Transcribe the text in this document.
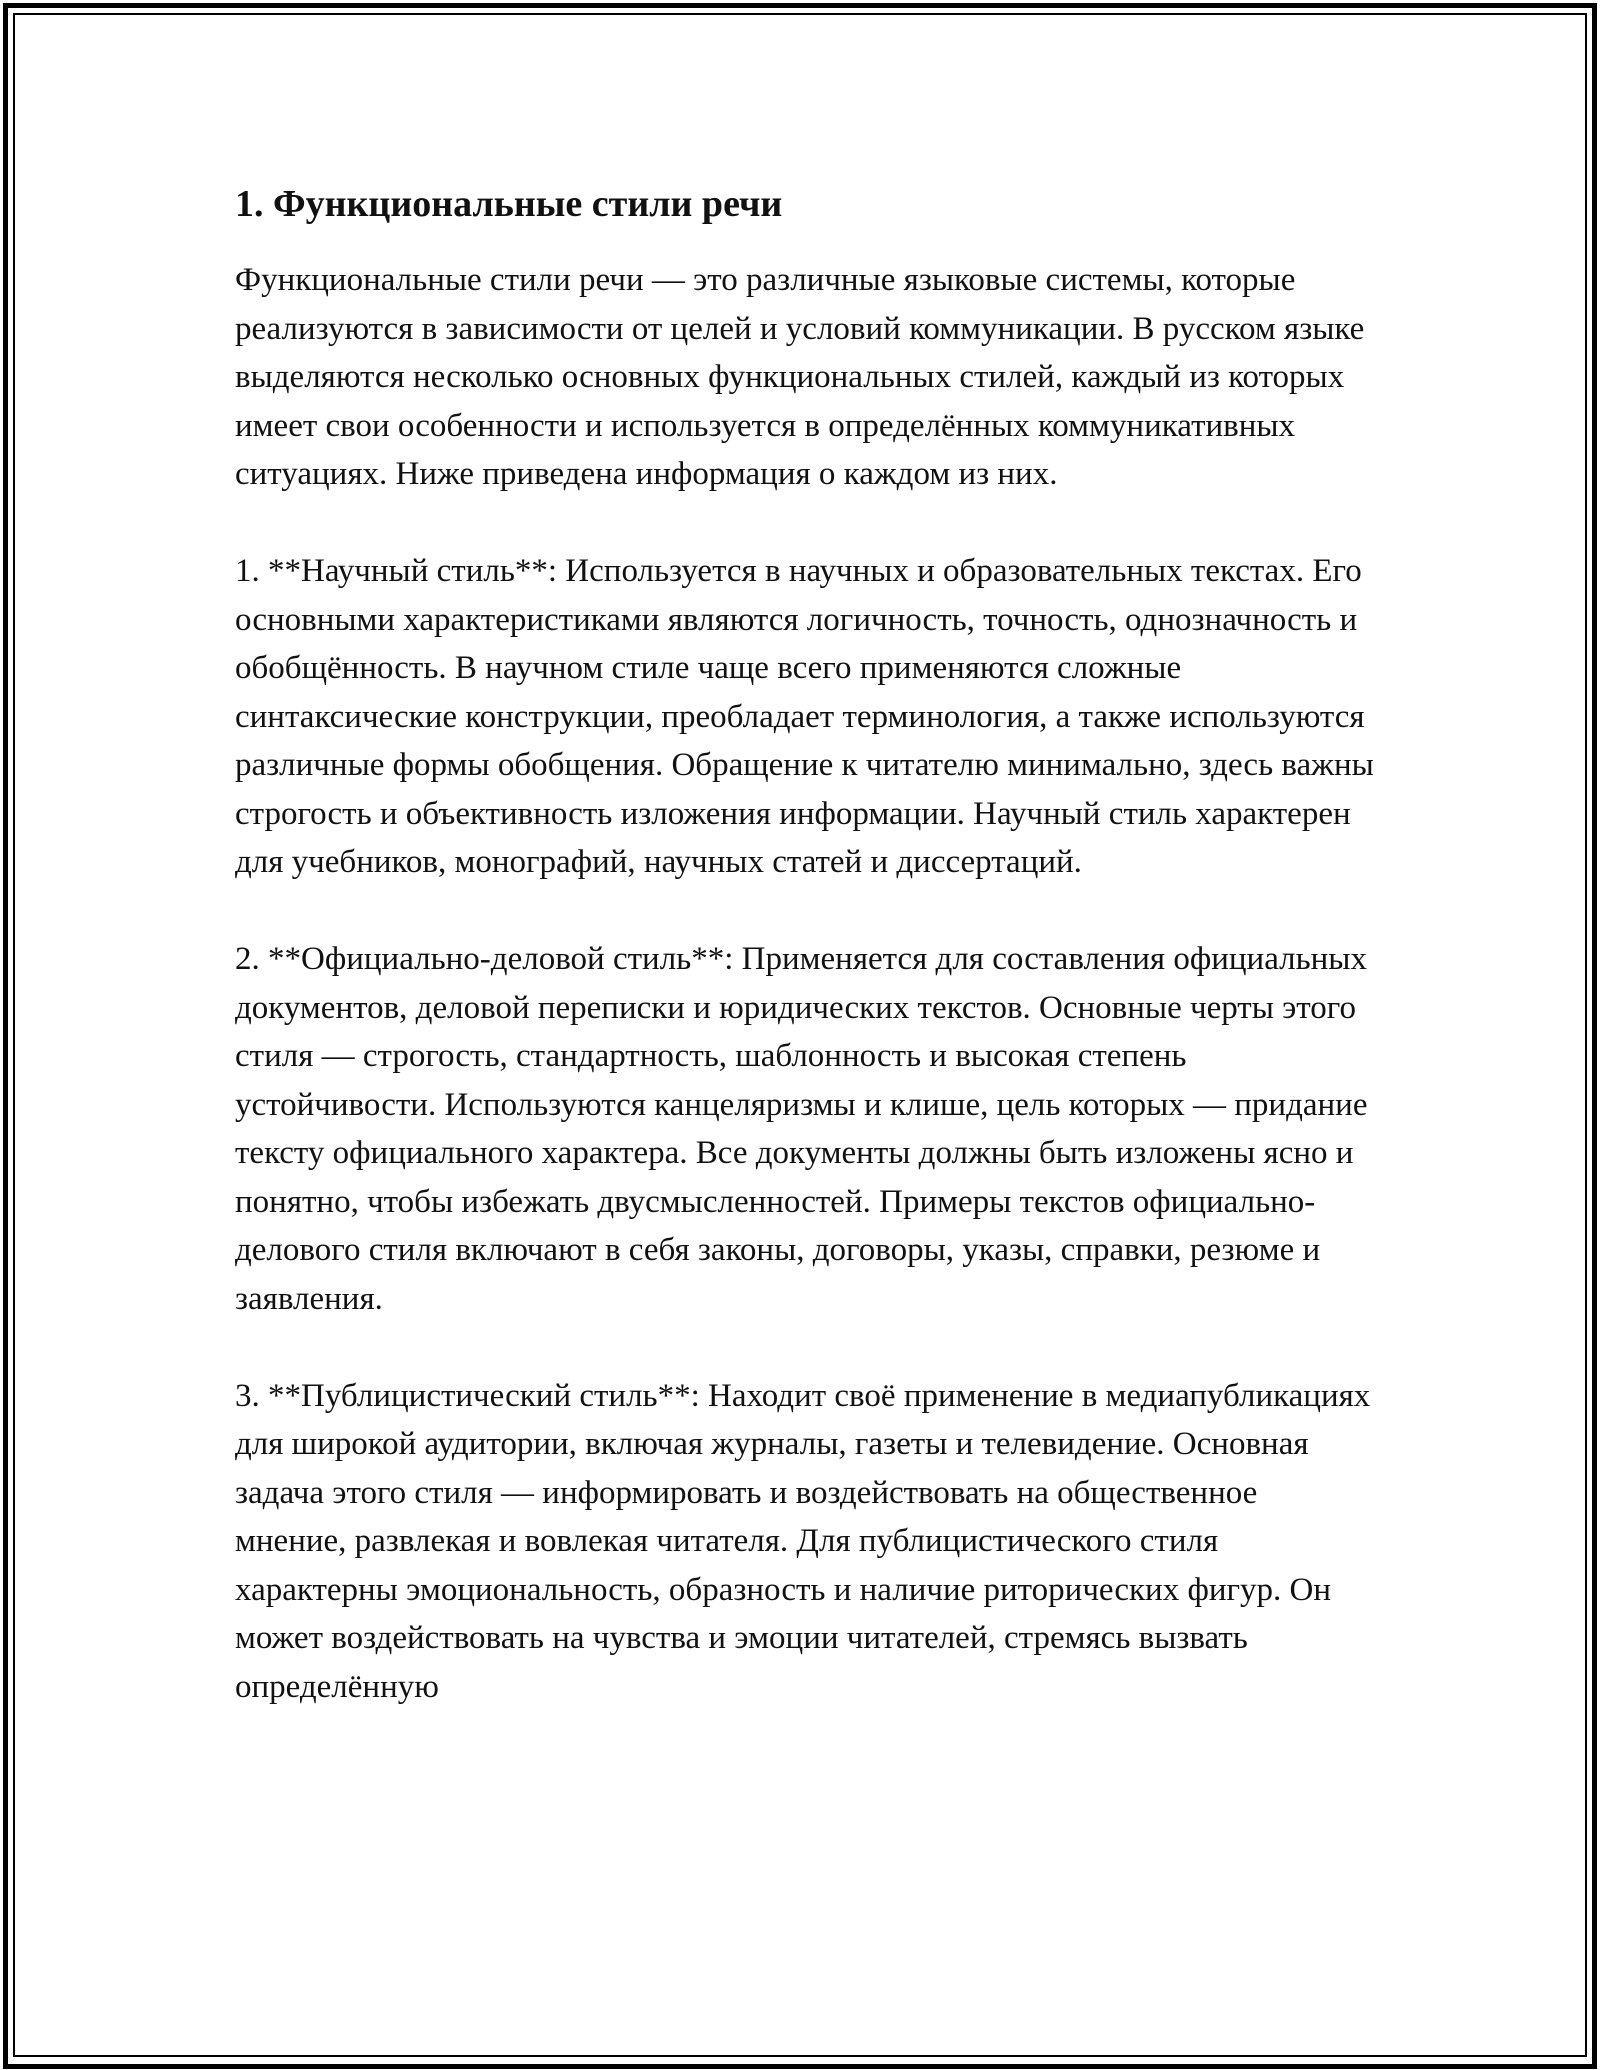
1. Функциональные стили речи

Функциональные стили речи — это различные языковые системы, которые реализуются в зависимости от целей и условий коммуникации. В русском языке выделяются несколько основных функциональных стилей, каждый из которых имеет свои особенности и используется в определённых коммуникативных ситуациях. Ниже приведена информация о каждом из них.

1. **Научный стиль**: Используется в научных и образовательных текстах. Его основными характеристиками являются логичность, точность, однозначность и обобщённость. В научном стиле чаще всего применяются сложные синтаксические конструкции, преобладает терминология, а также используются различные формы обобщения. Обращение к читателю минимально, здесь важны строгость и объективность изложения информации. Научный стиль характерен для учебников, монографий, научных статей и диссертаций.

2. **Официально-деловой стиль**: Применяется для составления официальных документов, деловой переписки и юридических текстов. Основные черты этого стиля — строгость, стандартность, шаблонность и высокая степень устойчивости. Используются канцеляризмы и клише, цель которых — придание тексту официального характера. Все документы должны быть изложены ясно и понятно, чтобы избежать двусмысленностей. Примеры текстов официально-делового стиля включают в себя законы, договоры, указы, справки, резюме и заявления.

3. **Публицистический стиль**: Находит своё применение в медиапубликациях для широкой аудитории, включая журналы, газеты и телевидение. Основная задача этого стиля — информировать и воздействовать на общественное мнение, развлекая и вовлекая читателя. Для публицистического стиля характерны эмоциональность, образность и наличие риторических фигур. Он может воздействовать на чувства и эмоции читателей, стремясь вызвать определённую
